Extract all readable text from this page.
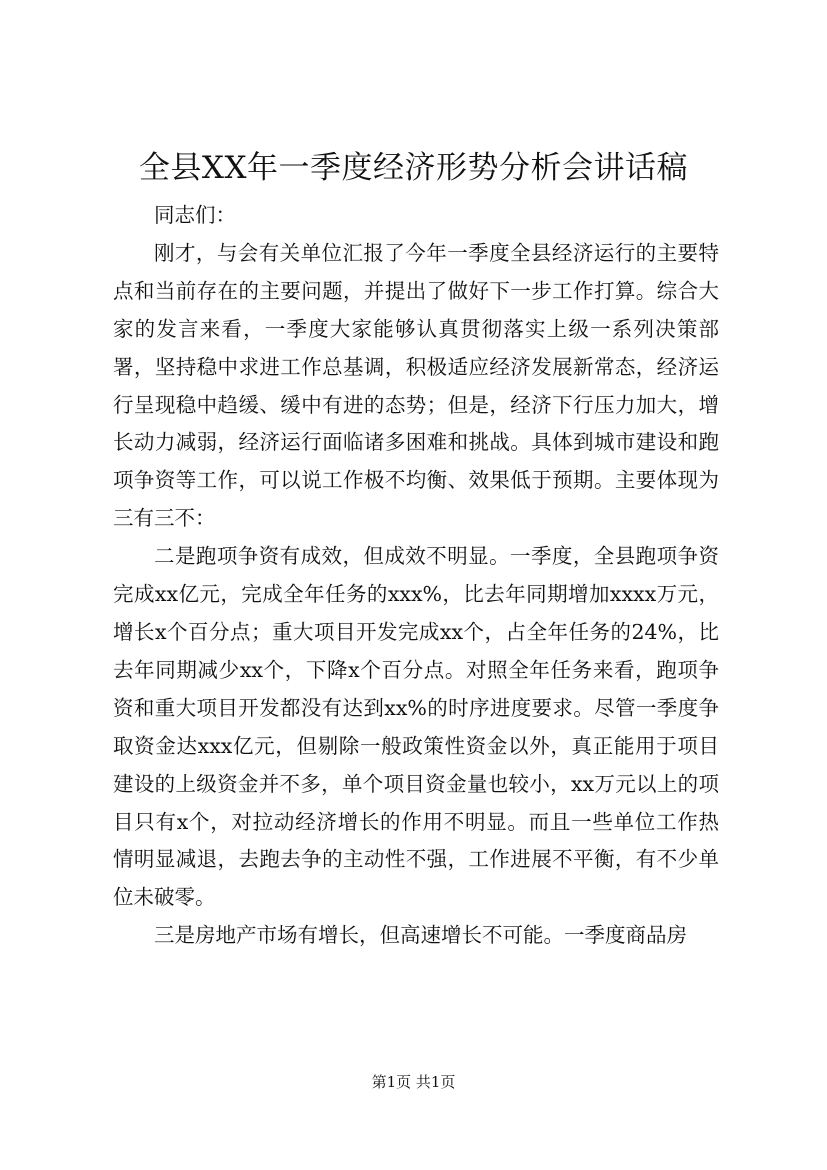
全县XX年一季度经济形势分析会讲话稿

同志们：

刚才，与会有关单位汇报了今年一季度全县经济运行的主要特点和当前存在的主要问题，并提出了做好下一步工作打算。综合大家的发言来看，一季度大家能够认真贯彻落实上级一系列决策部署，坚持稳中求进工作总基调，积极适应经济发展新常态，经济运行呈现稳中趋缓、缓中有进的态势；但是，经济下行压力加大，增长动力减弱，经济运行面临诸多困难和挑战。具体到城市建设和跑项争资等工作，可以说工作极不均衡、效果低于预期。主要体现为三有三不：

二是跑项争资有成效，但成效不明显。一季度，全县跑项争资完成xx亿元，完成全年任务的xxx%，比去年同期增加xxxx万元，增长x个百分点；重大项目开发完成xx个，占全年任务的24%，比去年同期减少xx个，下降x个百分点。对照全年任务来看，跑项争资和重大项目开发都没有达到xx%的时序进度要求。尽管一季度争取资金达xxx亿元，但剔除一般政策性资金以外，真正能用于项目建设的上级资金并不多，单个项目资金量也较小，xx万元以上的项目只有x个，对拉动经济增长的作用不明显。而且一些单位工作热情明显减退，去跑去争的主动性不强，工作进展不平衡，有不少单位未破零。

三是房地产市场有增长，但高速增长不可能。一季度商品房

第1页 共1页
